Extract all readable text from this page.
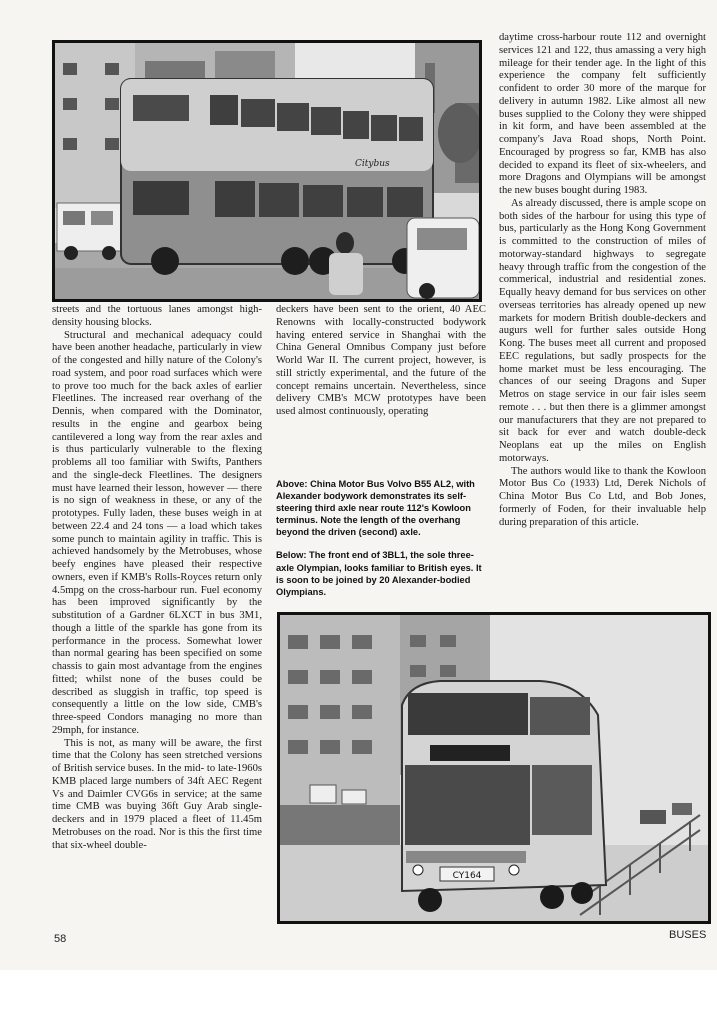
Citybus

streets and the tortuous lanes amongst high-density housing blocks.

Structural and mechanical adequacy could have been another headache, particularly in view of the congested and hilly nature of the Colony's road system, and poor road surfaces which were to prove too much for the back axles of earlier Fleetlines. The increased rear overhang of the Dennis, when compared with the Dominator, results in the engine and gearbox being cantilevered a long way from the rear axles and is thus particularly vulnerable to the flexing problems all too familiar with Swifts, Panthers and the single-deck Fleetlines. The designers must have learned their lesson, however — there is no sign of weakness in these, or any of the prototypes. Fully laden, these buses weigh in at between 22.4 and 24 tons — a load which takes some punch to maintain agility in traffic. This is achieved handsomely by the Metrobuses, whose beefy engines have pleased their respective owners, even if KMB's Rolls-Royces return only 4.5mpg on the cross-harbour run. Fuel economy has been improved significantly by the substitution of a Gardner 6LXCT in bus 3M1, though a little of the sparkle has gone from its performance in the process. Somewhat lower than normal gearing has been specified on some chassis to gain most advantage from the engines fitted; whilst none of the buses could be described as sluggish in traffic, top speed is consequently a little on the low side, CMB's three-speed Condors managing no more than 29mph, for instance.

This is not, as many will be aware, the first time that the Colony has seen stretched versions of British service buses. In the mid- to late-1960s KMB placed large numbers of 34ft AEC Regent Vs and Daimler CVG6s in service; at the same time CMB was buying 36ft Guy Arab single-deckers and in 1979 placed a fleet of 11.45m Metrobuses on the road. Nor is this the first time that six-wheel double-

deckers have been sent to the orient, 40 AEC Renowns with locally-constructed bodywork having entered service in Shanghai with the China General Omnibus Company just before World War II. The current project, however, is still strictly experimental, and the future of the concept remains uncertain. Nevertheless, since delivery CMB's MCW prototypes have been used almost continuously, operating

Above: China Motor Bus Volvo B55 AL2, with Alexander bodywork demonstrates its self-steering third axle near route 112's Kowloon terminus. Note the length of the overhang beyond the driven (second) axle.

Below: The front end of 3BL1, the sole three-axle Olympian, looks familiar to British eyes. It is soon to be joined by 20 Alexander-bodied Olympians.

daytime cross-harbour route 112 and overnight services 121 and 122, thus amassing a very high mileage for their tender age. In the light of this experience the company felt sufficiently confident to order 30 more of the marque for delivery in autumn 1982. Like almost all new buses supplied to the Colony they were shipped in kit form, and have been assembled at the company's Java Road shops, North Point. Encouraged by progress so far, KMB has also decided to expand its fleet of six-wheelers, and more Dragons and Olympians will be amongst the new buses bought during 1983.

As already discussed, there is ample scope on both sides of the harbour for using this type of bus, particularly as the Hong Kong Government is committed to the construction of miles of motorway-standard highways to segregate heavy through traffic from the congestion of the commerical, industrial and residential zones. Equally heavy demand for bus services on other overseas territories has already opened up new markets for modern British double-deckers and augurs well for further sales outside Hong Kong. The buses meet all current and proposed EEC regulations, but sadly prospects for the home market must be less encouraging. The chances of our seeing Dragons and Super Metros on stage service in our fair isles seem remote . . . but then there is a glimmer amongst our manufacturers that they are not prepared to sit back for ever and watch double-deck Neoplans eat up the miles on English motorways.

The authors would like to thank the Kowloon Motor Bus Co (1933) Ltd, Derek Nichols of China Motor Bus Co Ltd, and Bob Jones, formerly of Foden, for their invaluable help during preparation of this article.

CY164
58	BUSES
